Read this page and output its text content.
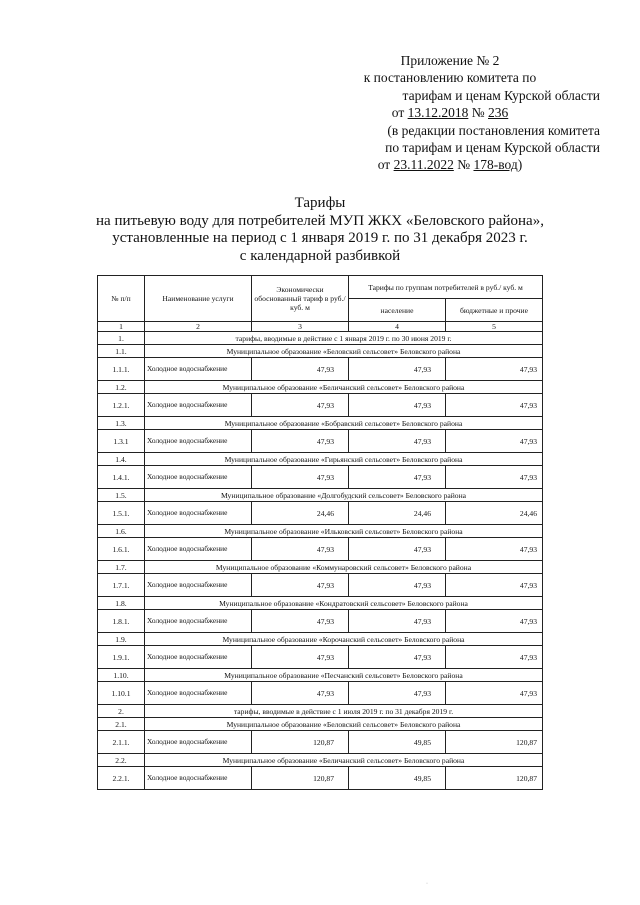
Приложение № 2
к постановлению комитета по
тарифам и ценам Курской области
от 13.12.2018 № 236
(в редакции постановления комитета
по тарифам и ценам Курской области
от 23.11.2022 № 178-вод)
Тарифы
на питьевую воду для потребителей МУП ЖКХ «Беловского района»,
установленные на период с 1 января 2019 г. по 31 декабря 2023 г.
с календарной разбивкой
№ п/п	Наименование услуги	Экономически обоснованный тариф в руб./ куб. м	Тарифы по группам потребителей в руб./ куб. м	
			население	бюджетные и прочие
1	2	3	4	5
1.	тарифы, вводимые в действие с 1 января 2019 г. по 30 июня 2019 г.			
1.1.	Муниципальное образование «Беловский сельсовет» Беловского района			
1.1.1.	Холодное водоснабжение	47,93	47,93	47,93
1.2.	Муниципальное образование «Беличанский сельсовет» Беловского района			
1.2.1.	Холодное водоснабжение	47,93	47,93	47,93
1.3.	Муниципальное образование «Бобравский сельсовет» Беловского района			
1.3.1	Холодное водоснабжение	47,93	47,93	47,93
1.4.	Муниципальное образование «Гирьянский сельсовет» Беловского района			
1.4.1.	Холодное водоснабжение	47,93	47,93	47,93
1.5.	Муниципальное образование «Долгобудский сельсовет» Беловского района			
1.5.1.	Холодное водоснабжение	24,46	24,46	24,46
1.6.	Муниципальное образование «Ильковский сельсовет» Беловского района			
1.6.1.	Холодное водоснабжение	47,93	47,93	47,93
1.7.	Муниципальное образование «Коммунаровский сельсовет» Беловского района			
1.7.1.	Холодное водоснабжение	47,93	47,93	47,93
1.8.	Муниципальное образование «Кондратовский сельсовет» Беловского района			
1.8.1.	Холодное водоснабжение	47,93	47,93	47,93
1.9.	Муниципальное образование «Корочанский сельсовет» Беловского района			
1.9.1.	Холодное водоснабжение	47,93	47,93	47,93
1.10.	Муниципальное образование «Песчанский сельсовет» Беловского района			
1.10.1	Холодное водоснабжение	47,93	47,93	47,93
2.	тарифы, вводимые в действие с 1 июля 2019 г. по 31 декабря 2019 г.			
2.1.	Муниципальное образование «Беловский сельсовет» Беловского района			
2.1.1.	Холодное водоснабжение	120,87	49,85	120,87
2.2.	Муниципальное образование «Беличанский сельсовет» Беловского района			
2.2.1.	Холодное водоснабжение	120,87	49,85	120,87
·
